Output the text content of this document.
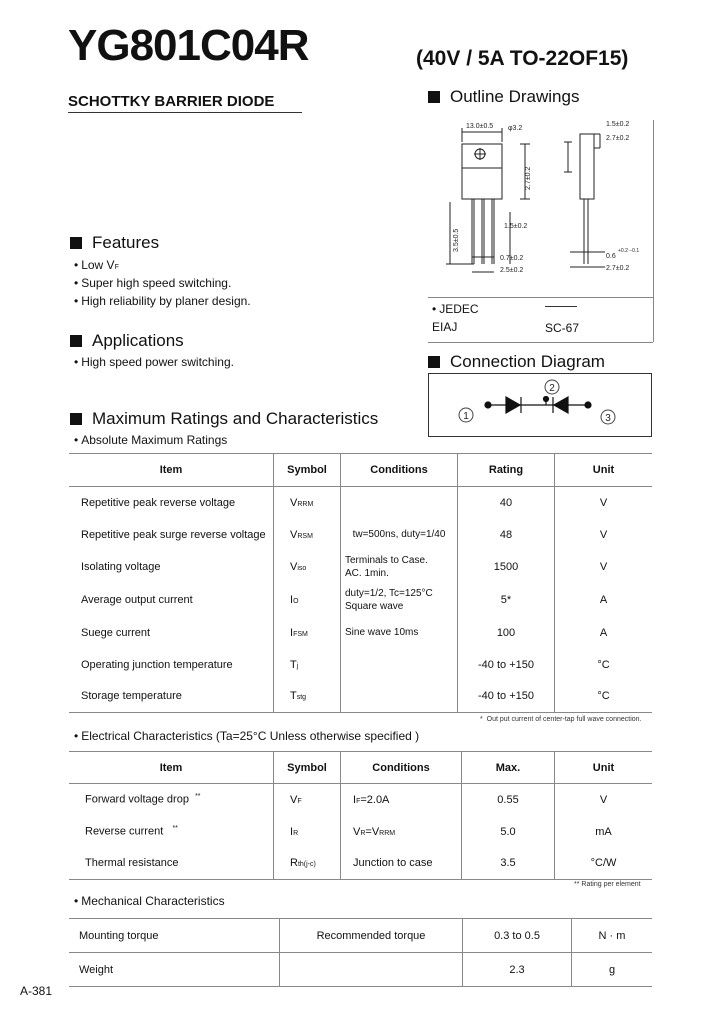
YG801C04R	(40V / 5A TO-22OF15)
SCHOTTKY BARRIER DIODE	Outline Drawings
13.0±0.5 φ3.2
1.5±0.2
2.7±0.2
2.7±0.2
3.5±0.5
1.5±0.2
0.7±0.2
2.5±0.2
0.6
+0.2 −0.1
2.7±0.2
• JEDEC
EIAJ	SC-67
Features
• Low VF
• Super high speed switching.
• High reliability by planer design.
Applications
• High speed power switching.	Connection Diagram
1
2
3
Maximum Ratings and Characteristics
• Absolute Maximum Ratings
Item	Symbol	Conditions	Rating	Unit
Repetitive peak reverse voltage	VRRM		40	V
Repetitive peak surge reverse voltage	VRSM	tw=500ns, duty=1/40	48	V
Isolating voltage	Viso	Terminals to Case.
AC. 1min.	1500	V
Average output current	IO	duty=1/2, Tc=125°C
Square wave	5*	A
Suege current	IFSM	Sine wave 10ms	100	A
Operating junction temperature	Tj		-40 to +150	°C
Storage temperature	Tstg		-40 to +150	°C
*  Out put current of center-tap full wave connection.
• Electrical Characteristics (Ta=25°C Unless otherwise specified )
Item	Symbol	Conditions	Max.	Unit
Forward voltage drop **	VF	IF=2.0A	0.55	V
Reverse current **	IR	VR=VRRM	5.0	mA
Thermal resistance	Rth(j-c)	Junction to case	3.5	°C/W
** Rating per element
• Mechanical Characteristics
Mounting torque	Recommended torque	0.3 to 0.5	N · m
Weight		2.3	g
A-381
